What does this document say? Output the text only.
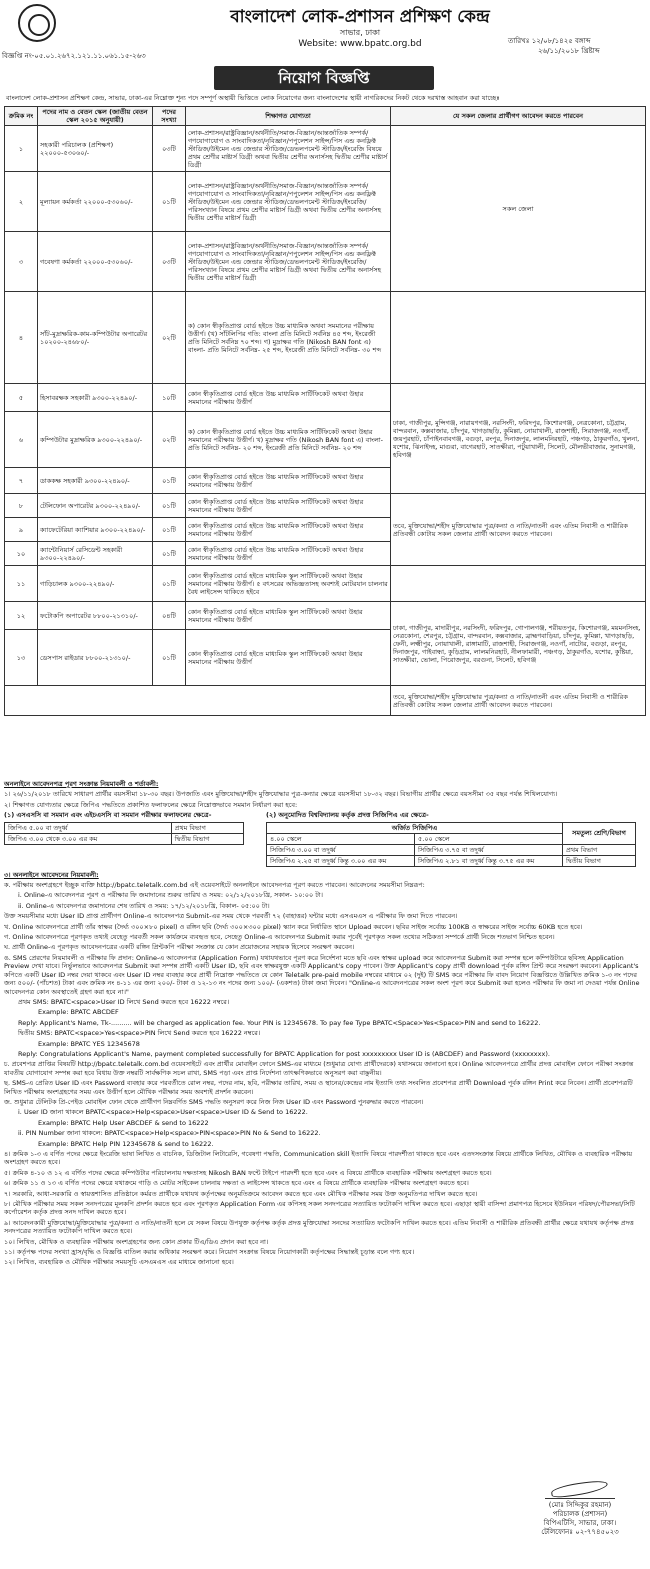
বিজ্ঞপ্তি নং-০৫.০১.২৬৭২.১২১.১১.০৬১.১৫-২৬৩
বাংলাদেশ লোক-প্রশাসন প্রশিক্ষণ কেন্দ্র
সাভার, ঢাকা
Website: www.bpatc.org.bd	তারিখঃ ১২/০৮/১৪২৫ বঙ্গাব্দ
২৬/১১/২০১৮ খ্রিষ্টাব্দ
নিয়োগ বিজ্ঞপ্তি
বাংলাদেশ লোক-প্রশাসন প্রশিক্ষণ কেন্দ্র, সাভার, ঢাকা-এর নিম্নোক্ত শূন্য পদে সম্পূর্ণ অস্থায়ী ভিত্তিতে লোক নিয়োগের জন্য বাংলাদেশের স্থায়ী নাগরিকদের নিকট থেকে দরখাস্ত আহবান করা যাচ্ছেঃ
ক্রমিক নং	পদের নাম ও বেতন স্কেল (জাতীয় বেতন স্কেল ২০১৫ অনুযায়ী)	পদের সংখ্যা	শিক্ষাগত যোগ্যতা	যে সকল জেলার প্রার্থীগণ আবেদন করতে পারবেন
১	সহকারী পরিচালক (প্রশিক্ষণ) ২২০০০-৫৩০৬০/-	০৩টি	লোক-প্রশাসন/রাষ্ট্রবিজ্ঞান/অর্থনীতি/সমাজ-বিজ্ঞান/আন্তর্জাতিক সম্পর্ক/গণযোগাযোগ ও সাংবাদিকতা/নৃবিজ্ঞান/পপুলেশন সাইন্স/পিস এন্ড কনফ্লিক্ট স্টাডিজ/উইমেন এন্ড জেন্ডার স্টাডিজ/ডেভলপমেন্ট স্টাডিজ/ইংরেজি বিষয়ে প্রথম শ্রেণীর মাষ্টার্স ডিগ্রী অথবা দ্বিতীয় শ্রেণীর অনার্সসহ দ্বিতীয় শ্রেণীর মাষ্টার্স ডিগ্রী	সকল জেলা
২	মূল্যায়ন কর্মকর্তা ২২০০০-৫৩০৬০/-	০১টি	লোক-প্রশাসন/রাষ্ট্রবিজ্ঞান/অর্থনীতি/সমাজ-বিজ্ঞান/আন্তর্জাতিক সম্পর্ক/গণযোগাযোগ ও সাংবাদিকতা/নৃবিজ্ঞান/পপুলেশন সাইন্স/পিস এন্ড কনফ্লিক্ট স্টাডিজ/উইমেন এন্ড জেন্ডার স্টাডিজ/ডেভলপমেন্ট স্টাডিজ/ইংরেজি/পরিসংখ্যান বিষয়ে প্রথম শ্রেণীর মাষ্টার্স ডিগ্রী অথবা দ্বিতীয় শ্রেণীর অনার্সসহ দ্বিতীয় শ্রেণীর মাষ্টার্স ডিগ্রী	
৩	গবেষণা কর্মকর্তা ২২০০০-৫৩০৬০/-	০৩টি	লোক-প্রশাসন/রাষ্ট্রবিজ্ঞান/অর্থনীতি/সমাজ-বিজ্ঞান/আন্তর্জাতিক সম্পর্ক/গণযোগাযোগ ও সাংবাদিকতা/নৃবিজ্ঞান/পপুলেশন সাইন্স/পিস এন্ড কনফ্লিক্ট স্টাডিজ/উইমেন এন্ড জেন্ডার স্টাডিজ/ডেভলপমেন্ট স্টাডিজ/ইংরেজি/পরিসংখ্যান বিষয়ে প্রথম শ্রেণীর মাষ্টার্স ডিগ্রী অথবা দ্বিতীয় শ্রেণীর অনার্সসহ দ্বিতীয় শ্রেণীর মাষ্টার্স ডিগ্রী	
৪	সাঁট-মুদ্রাক্ষরিক-কাম-কম্পিউটার অপারেটর ১০২০০-২৪৬৮০/-	০২টি	ক) কোন স্বীকৃতিপ্রাপ্ত বোর্ড হইতে উচ্চ মাধ্যমিক অথবা সমমানের পরীক্ষায় উত্তীর্ণ। (খ) সাঁটলিপির গতি: বাংলা প্রতি মিনিটে সর্বনিম্ন ৪৫ শব্দ, ইংরেজী প্রতি মিনিটে সর্বনিম্ন ৭০ শব্দ। গ) মুদ্রাক্ষর গতি (Nikosh BAN font এ) বাংলা- প্রতি মিনিটে সর্বনিম্ন- ২৫ শব্দ, ইংরেজী প্রতি মিনিটে সর্বনিম্ন- ৩০ শব্দ	
৫	হিসাবরক্ষক সহকারী ৯৩০০-২২৪৯০/-	১০টি	কোন স্বীকৃতিপ্রাপ্ত বোর্ড হইতে উচ্চ মাধ্যমিক সার্টিফিকেট অথবা উহার সমমানের পরীক্ষায় উত্তীর্ণ	ঢাকা, গাজীপুর, মুন্সিগঞ্জ, নারায়ণগঞ্জ, নরসিংদী, ফরিদপুর, কিশোরগঞ্জ, নেত্রকোনা, চট্টগ্রাম, বান্দরবান, কক্সবাজার, চাঁদপুর, খাগড়াছড়ি, কুমিল্লা, নোয়াখালী, রাজশাহী, সিরাজগঞ্জ, নওগাঁ, জয়পুরহাট, চাঁপাইনবাবগঞ্জ, বগুড়া, রংপুর, দিনাজপুর, লালমনিরহাট, পঞ্চগড়, ঠাকুরগাঁও, খুলনা, যশোর, ঝিনাইদহ, মাগুরা, বাগেরহাট, সাতক্ষীরা, পটুয়াখালী, সিলেট, মৌলভীবাজার, সুনামগঞ্জ, হবিগঞ্জ
৬	কম্পিউটার মুদ্রাক্ষরিক ৯৩০০-২২৪৯০/-	০২টি	ক) কোন স্বীকৃতিপ্রাপ্ত বোর্ড হইতে উচ্চ মাধ্যমিক সার্টিফিকেট অথবা উহার সমমানের পরীক্ষায় উত্তীর্ণ। খ) মুদ্রাক্ষর গতি (Nikosh BAN font এ) বাংলা- প্রতি মিনিটে সর্বনিম্ন- ২০ শব্দ, ইংরেজী প্রতি মিনিটে সর্বনিম্ন- ২০ শব্দ	
৭	ডাককক্ষ সহকারী ৯৩০০-২২৪৯০/-	০১টি	কোন স্বীকৃতিপ্রাপ্ত বোর্ড হইতে উচ্চ মাধ্যমিক সার্টিফিকেট অথবা উহার সমমানের পরীক্ষায় উত্তীর্ণ	
৮	টেলিফোন অপারেটর ৯৩০০-২২৪৯০/-	০১টি	কোন স্বীকৃতিপ্রাপ্ত বোর্ড হইতে উচ্চ মাধ্যমিক সার্টিফিকেট অথবা উহার সমমানের পরীক্ষায় উত্তীর্ণ	তবে, মুক্তিযোদ্ধা/শহীদ মুক্তিযোদ্ধার পুত্র/কন্যা ও নাতি/নাতনী এবং এতিম নিবাসী ও শারীরিক প্রতিবন্ধী কোটায় সকল জেলার প্রার্থী আবেদন করতে পারবেন।
৯	ক্যাফেটেরিয়া ক্যাশিয়ার ৯৩০০-২২৪৯০/-	০১টি	কোন স্বীকৃতিপ্রাপ্ত বোর্ড হইতে উচ্চ মাধ্যমিক সার্টিফিকেট অথবা উহার সমমানের পরীক্ষায় উত্তীর্ণ	
১০	ক্যান্টোনিয়ার্স রেসিডেন্ট সহকারী ৯৩০০-২২৪৯০/-	০১টি	কোন স্বীকৃতিপ্রাপ্ত বোর্ড হইতে উচ্চ মাধ্যমিক সার্টিফিকেট অথবা উহার সমমানের পরীক্ষায় উত্তীর্ণ	
১১	গাড়িচালক ৯৩০০-২২৪৯০/-	০১টি	কোন স্বীকৃতিপ্রাপ্ত বোর্ড হইতে মাধ্যমিক স্কুল সার্টিফিকেট অথবা উহার সমমানের পরীক্ষায় উত্তীর্ণ। ৫ বৎসরের অভিজ্ঞতাসহ অবশ্যই মোটরযান চালনার বৈধ লাইসেন্স থাকিতে হইবে	
১২	ফটোকপি অপারেটর ৮৮০০-২১৩১০/-	০৪টি	কোন স্বীকৃতিপ্রাপ্ত বোর্ড হইতে মাধ্যমিক স্কুল সার্টিফিকেট অথবা উহার সমমানের পরীক্ষায় উত্তীর্ণ	ঢাকা, গাজীপুর, মাদারীপুর, নরসিংদী, ফরিদপুর, গোপালগঞ্জ, শরীয়তপুর, কিশোরগঞ্জ, ময়মনসিংহ, নেত্রকোনা, শেরপুর, চট্টগ্রাম, বান্দরবান, কক্সবাজার, ব্রাহ্মণবাড়িয়া, চাঁদপুর, কুমিল্লা, খাগড়াছড়ি, ফেনী, লক্ষ্মীপুর, নোয়াখালী, রাঙ্গামাটি, রাজশাহী, সিরাজগঞ্জ, নওগাঁ, নাটোর, বগুড়া, রংপুর, দিনাজপুর, গাইবান্ধা, কুড়িগ্রাম, লালমনিরহাট, নীলফামারী, পঞ্চগড়, ঠাকুরগাঁও, যশোর, কুষ্টিয়া, সাতক্ষীরা, ভোলা, পিরোজপুর, বরগুনা, সিলেট, হবিগঞ্জ
১৩	ডেসপাস রাইডার ৮৮০০-২১৩১০/-	০১টি	কোন স্বীকৃতিপ্রাপ্ত বোর্ড হইতে মাধ্যমিক স্কুল সার্টিফিকেট অথবা উহার সমমানের পরীক্ষায় উত্তীর্ণ	
				তবে, মুক্তিযোদ্ধা/শহীদ মুক্তিযোদ্ধার পুত্র/কন্যা ও নাতি/নাতনী এবং এতিম নিবাসী ও শারীরিক প্রতিবন্ধী কোটায় সকল জেলার প্রার্থী আবেদন করতে পারবেন।

অনলাইনে আবেদনপত্র পূরণ সংক্রান্ত নিয়মাবলী ও শর্তাবলী:

১। ২৬/১১/২০১৮ তারিখে সাধারণ প্রার্থীর বয়সসীমা ১৮-৩০ বছর। উপজাতি এবং মুক্তিযোদ্ধা/শহীদ মুক্তিযোদ্ধার পুত্র-কন্যার ক্ষেত্রে বয়সসীমা ১৮-৩২ বছর। বিভাগীয় প্রার্থীর ক্ষেত্রে বয়সসীমা ৩৫ বছর পর্যন্ত শিথিলযোগ্য।

২। শিক্ষাগত যোগ্যতার ক্ষেত্রে জিপিএ পদ্ধতিতে প্রকাশিত ফলাফলের ক্ষেত্রে নিম্নোক্তভাবে সমমান নির্ধারণ করা হবে:

(১) এসএসসি বা সমমান এবং এইচএসসি বা সমমান পরীক্ষার ফলাফলের ক্ষেত্রে-
জিপিএ ৫.০০ বা তদুর্ধ্ব	প্রথম বিভাগ
জিপিএ ৩.০০ থেকে ৩.০০ এর কম	দ্বিতীয় বিভাগ
(২) অনুমোদিত বিশ্ববিদ্যালয় কর্তৃক প্রদত্ত সিজিপিএ এর ক্ষেত্রে-
অর্জিত সিজিপিএ		সমতুল্য শ্রেণি/বিভাগ
৪.০০ স্কেলে	৫.০০ স্কেলে	
সিজিপিএ ৩.০০ বা তদুর্ধ্ব	সিজিপিএ ৩.৭৫ বা তদুর্ধ্ব	প্রথম বিভাগ
সিজিপিএ ২.২৫ বা তদুর্ধ্ব কিন্তু ৩.০০ এর কম	সিজিপিএ ২.৮১ বা তদুর্ধ্ব কিন্তু ৩.৭৫ এর কম	দ্বিতীয় বিভাগ

৩। অনলাইনে আবেদনের নিয়মাবলী:

ক. পরীক্ষায় অংশগ্রহণে ইচ্ছুক ব্যক্তি http://bpatc.teletalk.com.bd এই ওয়েবসাইটে অনলাইনে আবেদনপত্র পূরণ করতে পারবেন। আবেদনের সময়সীমা নিম্নরূপ:

i. Online-এ আবেদনপত্র পূরণ ও পরীক্ষার ফি জমাদানের শুরুর তারিখ ও সময়: ০২/১২/২০১৮খ্রি, সকাল- ১০:০০ টা।

ii. Online-এ আবেদনপত্র জমাদানের শেষ তারিখ ও সময়: ১৭/১২/২০১৮খ্রি, বিকাল- ০৫:০০ টা।

উক্ত সময়সীমার মধ্যে User ID প্রাপ্ত প্রার্থীগণ Online-এ আবেদনপত্র Submit-এর সময় থেকে পরবর্তী ৭২ (বাহাত্তর) ঘন্টার মধ্যে এসএমএস এ পরীক্ষার ফি জমা দিতে পারবেন।

খ. Online আবেদনপত্রে প্রার্থী তাঁর স্বাক্ষর (দৈর্ঘ্য ৩০০×৮০ pixel) ও রঙ্গিন ছবি (দৈর্ঘ্য ৩০০×৩০০ pixel) স্ক্যান করে নির্ধারিত স্থানে Upload করবেন। ছবির সাইজ সর্বোচ্চ 100KB ও স্বাক্ষরের সাইজ সর্বোচ্চ 60KB হতে হবে।

গ. Online আবেদনপত্রে পূরণকৃত তথ্যই যেহেতু পরবর্তী সকল কার্যক্রমে ব্যবহৃত হবে, সেহেতু Online-এ আবেদনপত্র Submit করার পূর্বেই পূরণকৃত সকল তথ্যের সঠিকতা সম্পর্কে প্রার্থী নিজে শতভাগ নিশ্চিত হবেন।

ঘ. প্রার্থী Online-এ পূরণকৃত আবেদনপত্রের একটি রঙ্গিন প্রিন্টকপি পরীক্ষা সংক্রান্ত যে কোন প্রয়োজনের সহায়ক হিসেবে সংরক্ষণ করবেন।

ঙ. SMS প্রেরণের নিয়মাবলী ও পরীক্ষার ফি প্রদান: Online-এ আবেদনপত্র (Application Form) যথাযথভাবে পূরণ করে নির্দেশনা মতে ছবি এবং স্বাক্ষর upload করে আবেদনপত্র Submit করা সম্পন্ন হলে কম্পিউটারে ছবিসহ Application Preview দেখা যাবে। নির্ভুলভাবে আবেদনপত্র Submit করা সম্পন্ন প্রার্থী একটি User ID, ছবি এবং স্বাক্ষরযুক্ত একটি Applicant's copy পাবেন। উক্ত Applicant's copy প্রার্থী download পূর্বক রঙ্গিন প্রিন্ট করে সংরক্ষণ করবেন। Applicant's কপিতে একটি User ID নম্বর দেয়া থাকবে এবং User ID নম্বর ব্যবহার করে প্রার্থী নিম্নোক্ত পদ্ধতিতে যে কোন Teletalk pre-paid mobile নম্বরের মাধ্যমে ০২ (দুই) টি SMS করে পরীক্ষার ফি বাবদ নিয়োগ বিজ্ঞপ্তিতে উল্লিখিত ক্রমিক ১-৩ নং পদের জন্য ৫০০/- (পাঁচশত) টাকা এবং ক্রমিক নং ৪-১১ এর জন্য ২০০/- টাকা ও ১২-১৩ নং পদের জন্য ১০০/- (একশত) টাকা জমা দিবেন। "Online-এ আবেদনপত্রের সকল অংশ পূরণ করে Submit করা হলেও পরীক্ষার ফি জমা না দেওয়া পর্যন্ত Online আবেদনপত্র কোন অবস্থাতেই গ্রহণ করা হবে না।"

প্রথম SMS: BPATC<space>User ID লিখে Send করতে হবে 16222 নম্বরে।

Example: BPATC ABCDEF

Reply: Applicant's Name, Tk-.......... will be charged as application fee. Your PIN is 12345678. To pay fee Type BPATC<Space>Yes<Space>PIN and send to 16222.

দ্বিতীয় SMS: BPATC<space>Yes<space>PIN লিখে Send করতে হবে 16222 নম্বরে।

Example: BPATC YES 12345678

Reply: Congratulations Applicant's Name, payment completed successfully for BPATC Application for post xxxxxxxxx User ID is (ABCDEF) and Password (xxxxxxxx).

চ. প্রবেশপত্র প্রাপ্তির বিষয়টি http://bpatc.teletalk.com.bd ওয়েবসাইটে এবং প্রার্থীর মোবাইল ফোনে SMS-এর মাধ্যমে (শুধুমাত্র যোগ্য প্রার্থীদেরকে) যথাসময়ে জানানো হবে। Online আবেদনপত্রে প্রার্থীর প্রদত্ত মোবাইল ফোনে পরীক্ষা সংক্রান্ত যাবতীয় যোগাযোগ সম্পন্ন করা হবে বিধায় উক্ত নম্বরটি সার্বক্ষণিক সচল রাখা, SMS পড়া এবং প্রাপ্ত নির্দেশনা তাৎক্ষণিকভাবে অনুসরণ করা বাঞ্ছনীয়।

ছ. SMS-এ প্রেরিত User ID এবং Password ব্যবহার করে পরবর্তীতে রোল নম্বর, পদের নাম, ছবি, পরীক্ষার তারিখ, সময় ও স্থানের/কেন্দ্রের নাম ইত্যাদি তথ্য সংবলিত প্রবেশপত্র প্রার্থী Download পূর্বক রঙ্গিন Print করে নিবেন। প্রার্থী প্রবেশপত্রটি লিখিত পরীক্ষায় অংশগ্রহণের সময় এবং উত্তীর্ণ হলে মৌখিক পরীক্ষার সময় অবশ্যই প্রদর্শন করবেন।

জ. শুধুমাত্র টেলিটক প্রি-পেইড মোবাইল ফোন থেকে প্রার্থীগণ নিম্নবর্ণিত SMS পদ্ধতি অনুসরণ করে নিজ নিজ User ID এবং Password পুনরুদ্ধার করতে পারবেন।

i. User ID জানা থাকলে BPATC<space>Help<space>User<space>User ID & Send to 16222.

Example: BPATC Help User ABCDEF & send to 16222

ii. PIN Number জানা থাকলে: BPATC<space>Help<space>PIN<space>PIN No & Send to 16222.

Example: BPATC Help PIN 12345678 & send to 16222.

৪। ক্রমিক ১-৩ এ বর্ণিত পদের ক্ষেত্রে ইংরেজি ভাষা লিখিত ও বাচনিক, ডিজিটাল লিটারেসি, গবেষণা পদ্ধতি, Communication skill ইত্যাদি বিষয়ে পারদর্শীতা থাকতে হবে এবং এতদসংক্রান্ত বিষয়ে প্রার্থীকে লিখিত, মৌখিক ও ব্যবহারিক পরীক্ষায় অংশগ্রহণ করতে হবে।

৫। ক্রমিক ৪-১০ ও ১২ এ বর্ণিত পদের ক্ষেত্রে কম্পিউটার পরিচালনায় দক্ষতাসহ Nikosh BAN ফন্টে টাইপে পারদর্শী হতে হবে এবং এ বিষয়ে প্রার্থীকে ব্যবহারিক পরীক্ষায় অংশগ্রহণ করতে হবে।

৬। ক্রমিক ১১ ও ১৩ এ বর্ণিত পদের ক্ষেত্রে যথাক্রমে গাড়ি ও মোটর সাইকেল চালনায় দক্ষতা ও লাইসেন্স থাকতে হবে এবং এ বিষয়ে প্রার্থীকে ব্যবহারিক পরীক্ষায় অংশগ্রহণ করতে হবে।

৭। সরকারি, আধা-সরকারি ও স্বায়ত্তশাসিত প্রতিষ্ঠানে কর্মরত প্রার্থীকে যথাযথ কর্তৃপক্ষের অনুমতিক্রমে আবেদন করতে হবে এবং মৌখিক পরীক্ষার সময় উক্ত অনুমতিপত্র দাখিল করতে হবে।

৮। মৌখিক পরীক্ষার সময় সকল সনদপত্রের মূলকপি প্রদর্শন করতে হবে এবং পূরণকৃত Application Form এর কপিসহ সকল সনদপত্রের সত্যায়িত ফটোকপি দাখিল করতে হবে। এছাড়া স্থায়ী বাসিন্দা প্রমাণপত্র হিসেবে ইউনিয়ন পরিষদ/পৌরসভা/সিটি কর্পোরেশন কর্তৃক প্রদত্ত সনদ দাখিল করতে হবে।

৯। আবেদনকারী মুক্তিযোদ্ধা/মুক্তিযোদ্ধার পুত্র/কন্যা ও নাতি/নাতনী হলে যে সকল বিষয়ে উপযুক্ত কর্তৃপক্ষ কর্তৃক প্রদত্ত মুক্তিযোদ্ধা সনদের সত্যায়িত ফটোকপি দাখিল করতে হবে। এতিম নিবাসী ও শারীরিক প্রতিবন্ধী প্রার্থীর ক্ষেত্রে যথাযথ কর্তৃপক্ষ প্রদত্ত সনদপত্রের সত্যায়িত ফটোকপি দাখিল করতে হবে।

১০। লিখিত, মৌখিক ও ব্যবহারিক পরীক্ষায় অংশগ্রহণের জন্য কোন প্রকার টিএ/ডিএ প্রদান করা হবে না।

১১। কর্তৃপক্ষ পদের সংখ্যা হ্রাস/বৃদ্ধি ও বিজ্ঞপ্তি বাতিল করার অধিকার সংরক্ষণ করে। নিয়োগ সংক্রান্ত বিষয়ে নিয়োগকারী কর্তৃপক্ষের সিদ্ধান্তই চূড়ান্ত বলে গণ্য হবে।

১২। লিখিত, ব্যবহারিক ও মৌখিক পরীক্ষার সময়সূচি এসএমএস এর মাধ্যমে জানানো হবে।

(মোঃ সিদ্দিকুর রহমান)
পরিচালক (প্রশাসন)
বিপিএটিসি, সাভার, ঢাকা।
টেলিফোনঃ ০২-৭৭৪৫০২৩
